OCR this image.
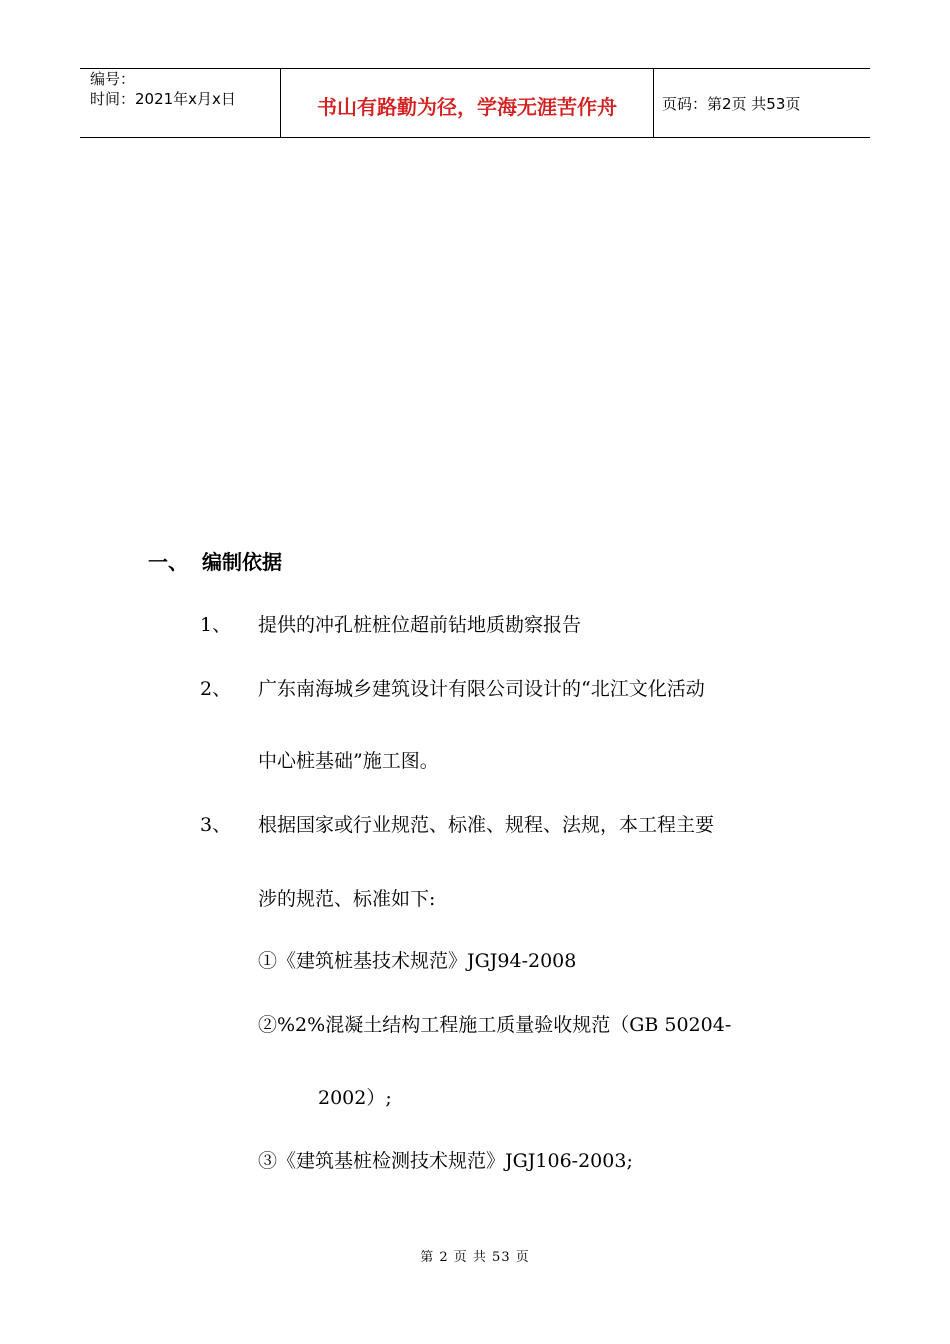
编号：
时间：2021年x月x日	书山有路勤为径，学海无涯苦作舟	页码：第2页 共53页
一、 编制依据
1、 提供的冲孔桩桩位超前钻地质勘察报告
2、 广东南海城乡建筑设计有限公司设计的“北江文化活动
中心桩基础”施工图。
3、 根据国家或行业规范、标准、规程、法规，本工程主要
涉的规范、标准如下:
①《建筑桩基技术规范》JGJ94-2008
②%2%混凝土结构工程施工质量验收规范（GB 50204-
2002）;
③《建筑基桩检测技术规范》JGJ106-2003;
第 2 页 共 53 页
